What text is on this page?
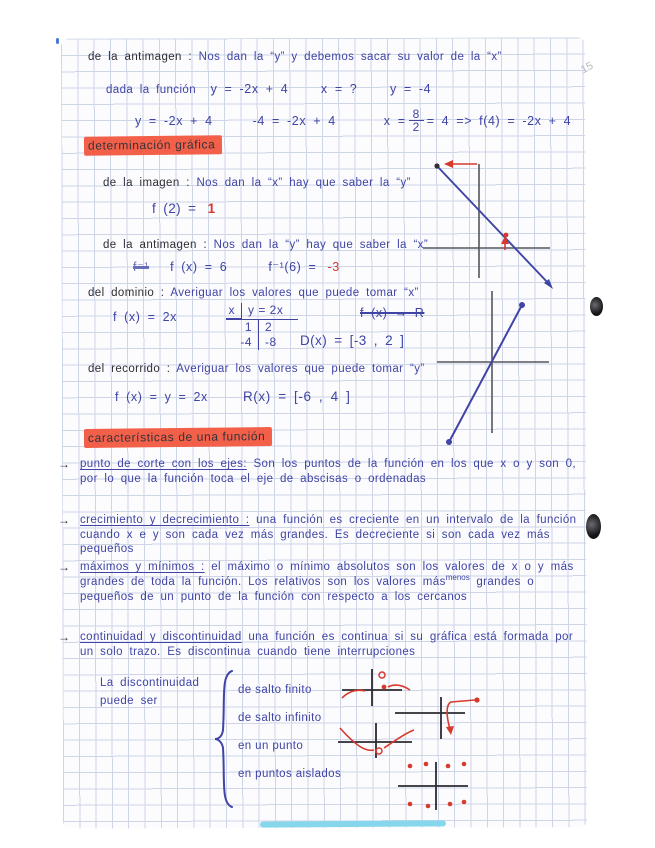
15
de la antimagen : Nos dan la “y” y debemos sacar su valor de la “x”
dada la función y = -2x + 4	x = ?	y = -4
y = -2x + 4	-4 = -2x + 4	$x = \frac{8}{2} = 4 => f(4) = -2x + 4$
determinación gráfica
de la imagen : Nos dan la “x” hay que saber la “y”
f (2) = 1
de la antimagen : Nos dan la “y” hay que saber la “x”
f⁻¹ f (x) = 6	f⁻¹(6) = -3
del dominio : Averiguar los valores que puede tomar “x”
f (x) = 2x	x	y = 2x
1	2
-4	-8
f (x) → R
D(x) = [-3 , 2 ]
del recorrido : Averiguar los valores que puede tomar “y”
f (x) = y = 2x	R(x) = [-6 , 4 ]
características de una función
→ punto de corte con los ejes: Son los puntos de la función en los que x o y son 0, por lo que la función toca el eje de abscisas o ordenadas
→ crecimiento y decrecimiento : una función es creciente en un intervalo de la función cuando x e y son cada vez más grandes. Es decreciente si son cada vez más pequeños
→ máximos y mínimos : el máximo o mínimo absolutos son los valores de x o y más grandes de toda la función. Los relativos son los valores más$^{menos}$ grandes o pequeños de un punto de la función con respecto a los cercanos
→ continuidad y discontinuidad una función es continua si su gráfica está formada por un solo trazo. Es discontinua cuando tiene interrupciones
La discontinuidad
puede ser
de salto finito
de salto infinito
en un punto
en puntos aislados
